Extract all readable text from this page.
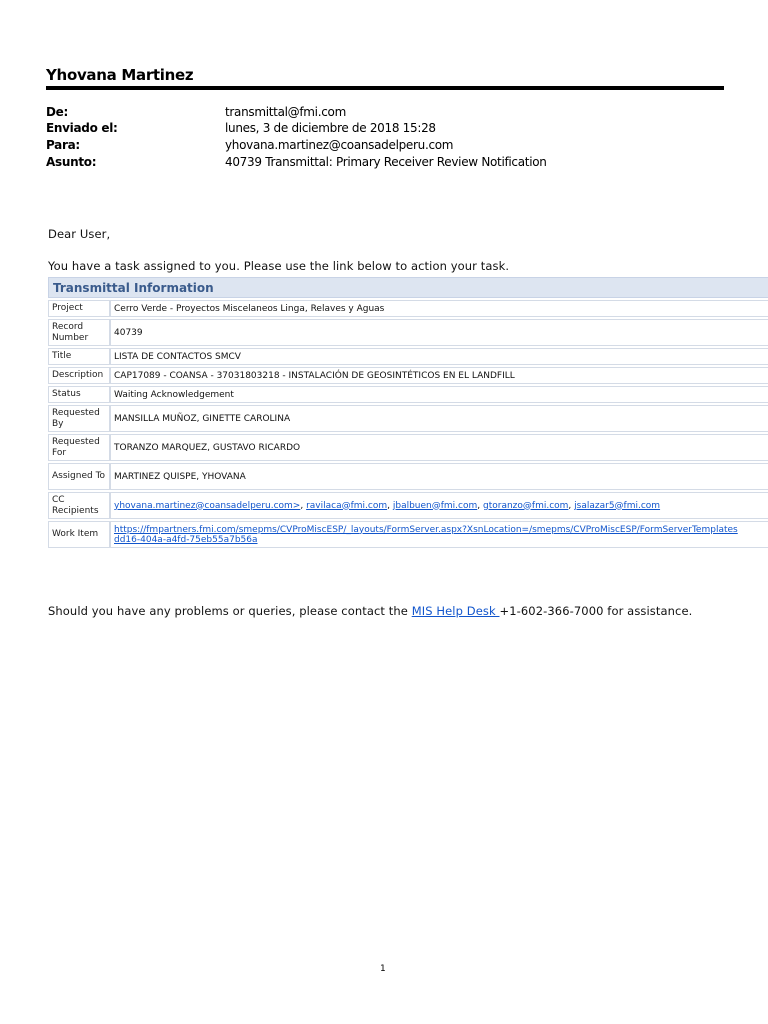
Yhovana Martinez
De:	transmittal@fmi.com
Enviado el:	lunes, 3 de diciembre de 2018 15:28
Para:	yhovana.martinez@coansadelperu.com
Asunto:	40739 Transmittal: Primary Receiver Review Notification
Dear User,
You have a task assigned to you. Please use the link below to action your task.
Transmittal Information	
Project	Cerro Verde - Proyectos Miscelaneos Linga, Relaves y Aguas
Record Number	40739
Title	LISTA DE CONTACTOS SMCV
Description	CAP17089 - COANSA - 37031803218 - INSTALACIÓN DE GEOSINTÉTICOS EN EL LANDFILL
Status	Waiting Acknowledgement
Requested By	MANSILLA MUÑOZ, GINETTE CAROLINA
Requested For	TORANZO MARQUEZ, GUSTAVO RICARDO
Assigned To	MARTINEZ QUISPE, YHOVANA
CC Recipients	yhovana.martinez@coansadelperu.com>, ravilaca@fmi.com, jbalbuen@fmi.com, gtoranzo@fmi.com, jsalazar5@fmi.com
Work Item	https://fmpartners.fmi.com/smepms/CVProMiscESP/_layouts/FormServer.aspx?XsnLocation=/smepms/CVProMiscESP/FormServerTemplates
dd16-404a-a4fd-75eb55a7b56a
Should you have any problems or queries, please contact the MIS Help Desk +1-602-366-7000 for assistance.
1
